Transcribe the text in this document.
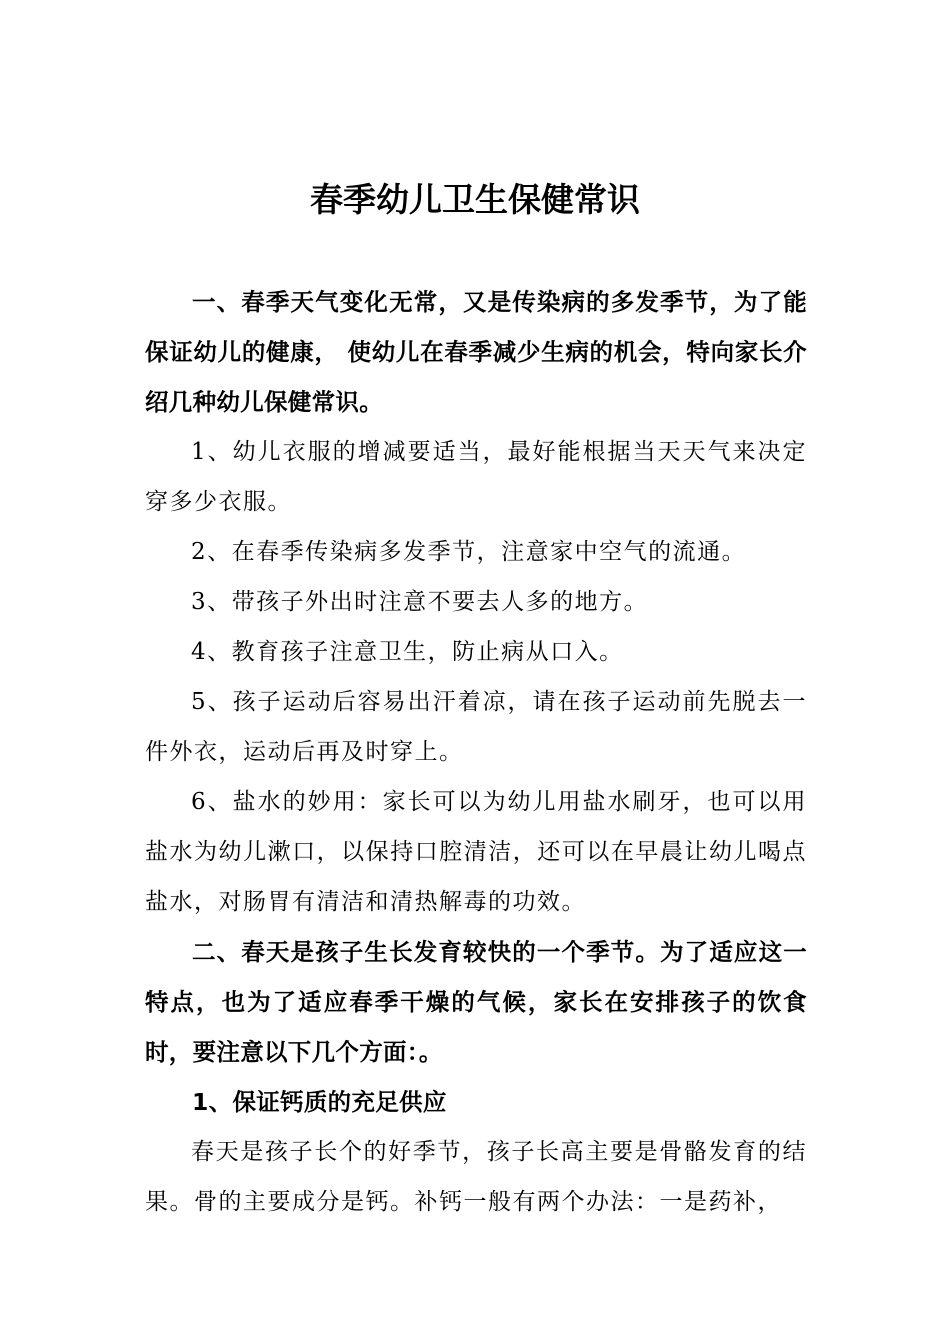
春季幼儿卫生保健常识

一、春季天气变化无常，又是传染病的多发季节，为了能保证幼儿的健康， 使幼儿在春季减少生病的机会，特向家长介绍几种幼儿保健常识。

1、幼儿衣服的增减要适当，最好能根据当天天气来决定穿多少衣服。

2、在春季传染病多发季节，注意家中空气的流通。

3、带孩子外出时注意不要去人多的地方。

4、教育孩子注意卫生，防止病从口入。

5、孩子运动后容易出汗着凉，请在孩子运动前先脱去一件外衣，运动后再及时穿上。

6、盐水的妙用：家长可以为幼儿用盐水刷牙，也可以用盐水为幼儿漱口，以保持口腔清洁，还可以在早晨让幼儿喝点盐水，对肠胃有清洁和清热解毒的功效。

二、春天是孩子生长发育较快的一个季节。为了适应这一特点，也为了适应春季干燥的气候，家长在安排孩子的饮食时，要注意以下几个方面：。

1、保证钙质的充足供应

春天是孩子长个的好季节，孩子长高主要是骨骼发育的结果。骨的主要成分是钙。补钙一般有两个办法：一是药补，
